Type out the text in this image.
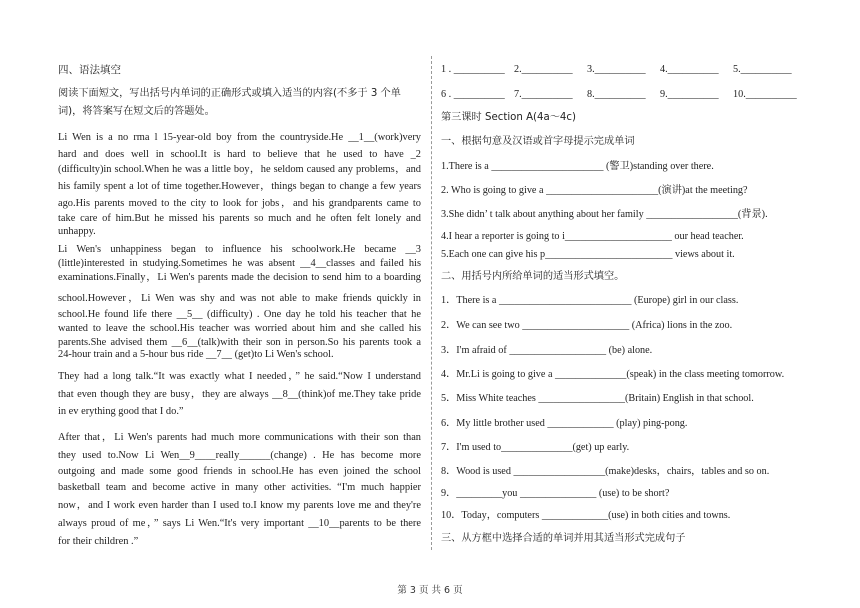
四、语法填空
阅读下面短文，写出括号内单词的正确形式或填入适当的内容(不多于 3 个单
词)，将答案写在短文后的答题处。
Li Wen is a no rma l 15‐year‐old boy from the countryside.He __1__(work)very
hard and does well in school.It is hard to believe that he used to have _2
(difficulty)in school.When he was a little boy，he seldom caused any problems，and
his family spent a lot of time together.However，things began to change a few years
ago.His parents moved to the city to look for jobs，and his grandparents came to
take care of him.But he missed his parents so much and he often felt lonely and
unhappy.
Li Wen's unhappiness began to influence his schoolwork.He became __3
(little)interested in studying.Sometimes he was absent __4__classes and failed his
examinations.Finally，Li Wen's parents made the decision to send him to a boarding
school.However，Li Wen was shy and was not able to make friends quickly in
school.He found life there __5__ (difficulty) . One day he told his teacher that he
wanted to leave the school.His teacher was worried about him and she called his
parents.She advised them __6__(talk)with their son in person.So his parents took a
24-hour train and a 5-hour bus ride __7__ (get)to Li Wen's school.
They had a long talk.“It was exactly what I needed，” he said.“Now I understand
that even though they are busy，they are always __8__(think)of me.They take pride
in ev erything good that I do.”
After that，Li Wen's parents had much more communications with their son than
they used to.Now Li Wen__9____really______(change) . He has become more
outgoing and made some good friends in school.He has even joined the school
basketball team and become active in many other activities. “I'm much happier
now，and I work even harder than I used to.I know my parents love me and they're
always proud of me，” says Li Wen.“It's very important __10__parents to be there
for their children .”
1 . __________ 2.__________ 3.__________ 4.__________ 5.__________
6 . __________ 7.__________ 8.__________ 9.__________ 10.__________
第三课时 Section A(4a～4c)
一、根据句意及汉语或首字母提示完成单词
1.There is a ______________________ (警卫)standing over there.
2. Who is going to give a ______________________(演讲)at the meeting?
3.She didn’ t talk about anything about her family __________________(背景).
4.I hear a reporter is going to i_____________________ our head teacher.
5.Each one can give his p_________________________ views about it.
二、用括号内所给单词的适当形式填空。
1．There is a __________________________ (Europe) girl in our class.
2．We can see two _____________________ (Africa) lions in the zoo.
3．I'm afraid of ___________________ (be) alone.
4．Mr.Li is going to give a ______________(speak) in the class meeting tomorrow.
5．Miss White teaches _________________(Britain) English in that school.
6．My little brother used _____________ (play) ping‐pong.
7．I'm used to______________(get) up early.
8．Wood is used __________________(make)desks，chairs，tables and so on.
9．_________you _______________ (use) to be short?
10．Today，computers _____________(use) in both cities and towns.
三、从方框中选择合适的单词并用其适当形式完成句子
第 3 页 共 6 页
